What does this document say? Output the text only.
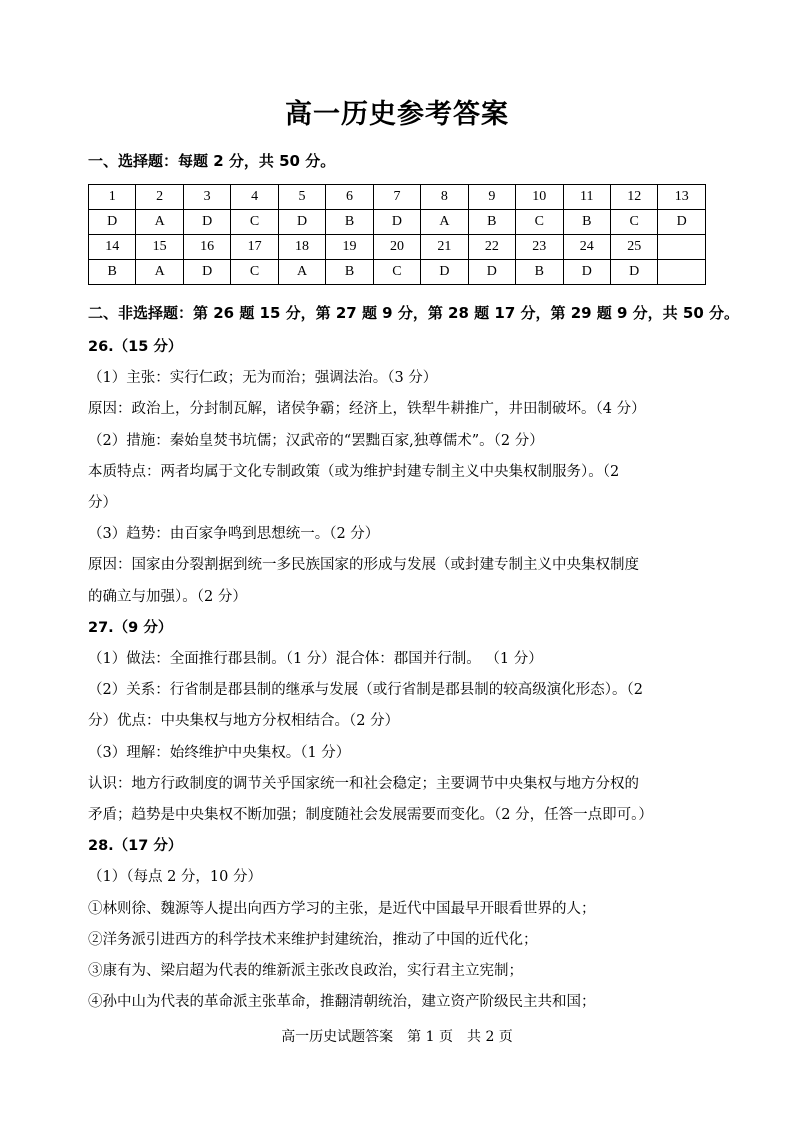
高一历史参考答案
一、选择题：每题 2 分，共 50 分。
1	2	3	4	5	6	7	8	9	10	11	12	13
D	A	D	C	D	B	D	A	B	C	B	C	D
14	15	16	17	18	19	20	21	22	23	24	25	
B	A	D	C	A	B	C	D	D	B	D	D	
二、非选择题：第 26 题 15 分，第 27 题 9 分，第 28 题 17 分，第 29 题 9 分，共 50 分。
26.（15 分）
（1）主张：实行仁政；无为而治；强调法治。（3 分）
原因：政治上，分封制瓦解，诸侯争霸；经济上，铁犁牛耕推广，井田制破坏。（4 分）
（2）措施：秦始皇焚书坑儒；汉武帝的“罢黜百家,独尊儒术”。（2 分）
本质特点：两者均属于文化专制政策（或为维护封建专制主义中央集权制服务）。（2
分）
（3）趋势：由百家争鸣到思想统一。（2 分）
原因：国家由分裂割据到统一多民族国家的形成与发展（或封建专制主义中央集权制度
的确立与加强）。（2 分）
27.（9 分）
（1）做法：全面推行郡县制。（1 分）混合体：郡国并行制。 （1 分）
（2）关系：行省制是郡县制的继承与发展（或行省制是郡县制的较高级演化形态）。（2
分）优点：中央集权与地方分权相结合。（2 分）
（3）理解：始终维护中央集权。（1 分）
认识：地方行政制度的调节关乎国家统一和社会稳定；主要调节中央集权与地方分权的
矛盾；趋势是中央集权不断加强；制度随社会发展需要而变化。（2 分，任答一点即可。）
28.（17 分）
（1）（每点 2 分，10 分）
①林则徐、魏源等人提出向西方学习的主张，是近代中国最早开眼看世界的人；
②洋务派引进西方的科学技术来维护封建统治，推动了中国的近代化；
③康有为、梁启超为代表的维新派主张改良政治，实行君主立宪制；
④孙中山为代表的革命派主张革命，推翻清朝统治，建立资产阶级民主共和国；
高一历史试题答案　第 1 页　共 2 页
